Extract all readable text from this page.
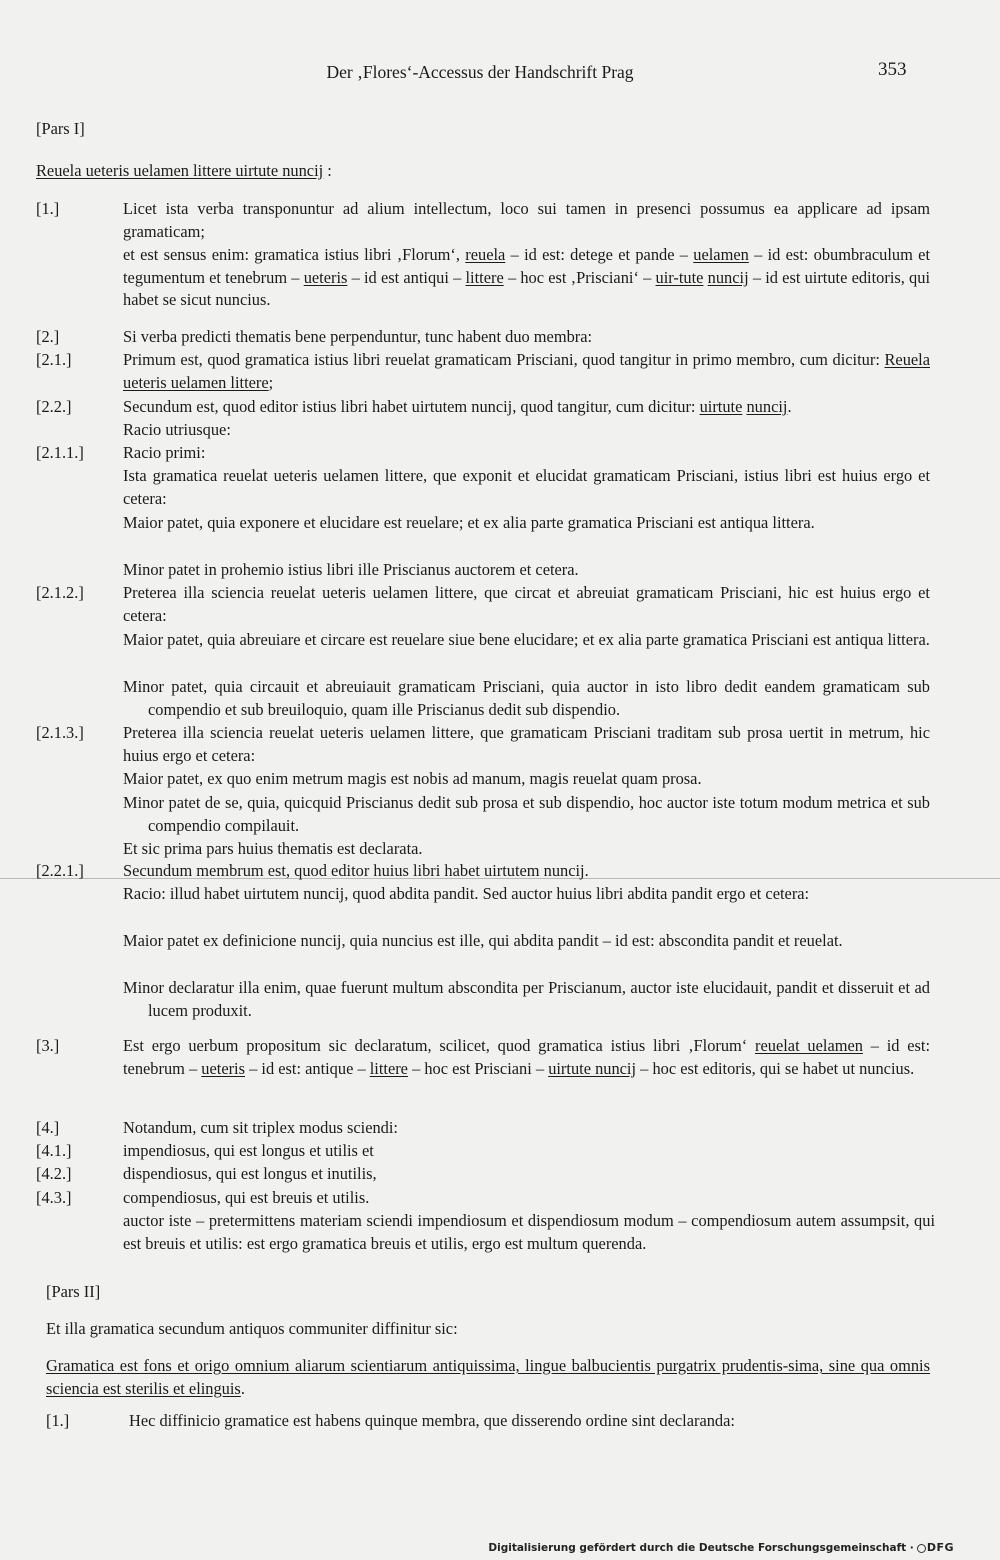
Der ‚Flores‘-Accessus der Handschrift Prag	353
[Pars I]
Reuela ueteris uelamen littere uirtute nuncij :
[1.]	Licet ista verba transponuntur ad alium intellectum, loco sui tamen in presenci possumus ea applicare ad ipsam gramaticam;
et est sensus enim: gramatica istius libri ‚Florum‘, reuela – id est: detege et pande – uelamen – id est: obumbraculum et tegumentum et tenebrum – ueteris – id est antiqui – littere – hoc est ‚Prisciani‘ – uir-tute nuncij – id est uirtute editoris, qui habet se sicut nuncius.
[2.]	Si verba predicti thematis bene perpenduntur, tunc habent duo membra:
[2.1.]	Primum est, quod gramatica istius libri reuelat gramaticam Prisciani, quod tangitur in primo membro, cum dicitur: Reuela ueteris uelamen littere;
[2.2.]	Secundum est, quod editor istius libri habet uirtutem nuncij, quod tangitur, cum dicitur: uirtute nuncij.
Racio utriusque:
[2.1.1.] Racio primi:
Ista gramatica reuelat ueteris uelamen littere, que exponit et elucidat gramaticam Prisciani, istius libri est huius ergo et cetera:
Maior patet, quia exponere et elucidare est reuelare; et ex alia parte gramatica Prisciani est antiqua littera.
Minor patet in prohemio istius libri ille Priscianus auctorem et cetera.
[2.1.2.] Preterea illa sciencia reuelat ueteris uelamen littere, que circat et abreuiat gramaticam Prisciani, hic est huius ergo et cetera:
Maior patet, quia abreuiare et circare est reuelare siue bene elucidare; et ex alia parte gramatica Prisciani est antiqua littera.
Minor patet, quia circauit et abreuiauit gramaticam Prisciani, quia auctor in isto libro dedit eandem gramaticam sub compendio et sub breuiloquio, quam ille Priscianus dedit sub dispendio.
[2.1.3.] Preterea illa sciencia reuelat ueteris uelamen littere, que gramaticam Prisciani traditam sub prosa uertit in metrum, hic huius ergo et cetera:
Maior patet, ex quo enim metrum magis est nobis ad manum, magis reuelat quam prosa.
Minor patet de se, quia, quicquid Priscianus dedit sub prosa et sub dispendio, hoc auctor iste totum modum metrica et sub compendio compilauit.
Et sic prima pars huius thematis est declarata.
[2.2.1.] Secundum membrum est, quod editor huius libri habet uirtutem nuncij.
Racio: illud habet uirtutem nuncij, quod abdita pandit. Sed auctor huius libri abdita pandit ergo et cetera:
Maior patet ex definicione nuncij, quia nuncius est ille, qui abdita pandit – id est: abscondita pandit et reuelat.
Minor declaratur illa enim, quae fuerunt multum abscondita per Priscianum, auctor iste elucidauit, pandit et disseruit et ad lucem produxit.
[3.]	Est ergo uerbum propositum sic declaratum, scilicet, quod gramatica istius libri ‚Florum‘ reuelat uelamen – id est: tenebrum – ueteris – id est: antique – littere – hoc est Prisciani – uirtute nuncij – hoc est editoris, qui se habet ut nuncius.
[4.]	Notandum, cum sit triplex modus sciendi:
[4.1.]	impendiosus, qui est longus et utilis et
[4.2.]	dispendiosus, qui est longus et inutilis,
[4.3.]	compendiosus, qui est breuis et utilis.
auctor iste – pretermittens materiam sciendi impendiosum et dispendiosum modum – compendiosum autem assumpsit, qui est breuis et utilis: est ergo gramatica breuis et utilis, ergo est multum querenda.
[Pars II]
Et illa gramatica secundum antiquos communiter diffinitur sic:
Gramatica est fons et origo omnium aliarum scientiarum antiquissima, lingue balbucientis purgatrix prudentis-sima, sine qua omnis sciencia est sterilis et elinguis.
[1.]	Hec diffinicio gramatice est habens quinque membra, que disserendo ordine sint declaranda:
Digitalisierung gefördert durch die Deutsche Forschungsgemeinschaft · DFG
